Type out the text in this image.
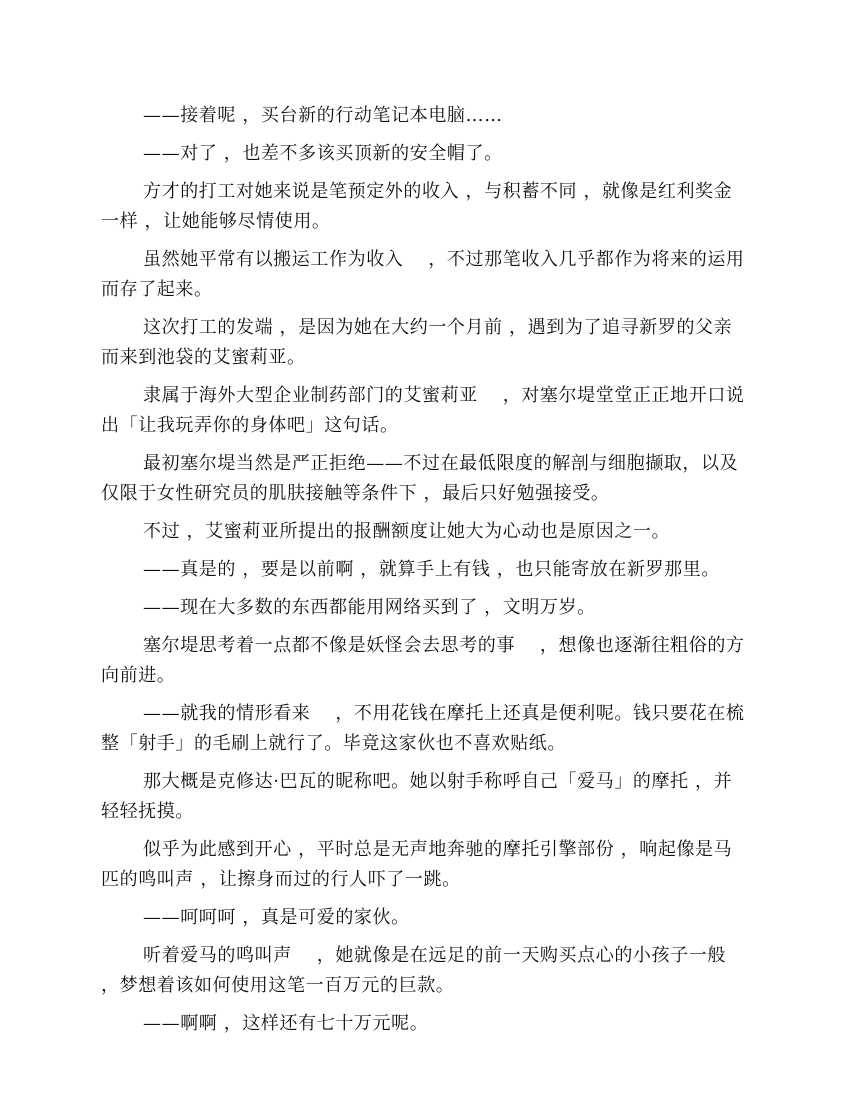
——接着呢 ，买台新的行动笔记本电脑……

——对了 ，也差不多该买顶新的安全帽了。

方才的打工对她来说是笔预定外的收入 ，与积蓄不同 ，就像是红利奖金一样 ，让她能够尽情使用。

虽然她平常有以搬运工作为收入　 ，不过那笔收入几乎都作为将来的运用而存了起来。

这次打工的发端 ，是因为她在大约一个月前 ，遇到为了追寻新罗的父亲而来到池袋的艾蜜莉亚。

隶属于海外大型企业制药部门的艾蜜莉亚　 ，对塞尔堤堂堂正正地开口说出「让我玩弄你的身体吧」这句话。

最初塞尔堤当然是严正拒绝——不过在最低限度的解剖与细胞撷取，以及仅限于女性研究员的肌肤接触等条件下 ，最后只好勉强接受。

不过 ，艾蜜莉亚所提出的报酬额度让她大为心动也是原因之一。

——真是的 ，要是以前啊 ，就算手上有钱 ，也只能寄放在新罗那里。

——现在大多数的东西都能用网络买到了 ，文明万岁。

塞尔堤思考着一点都不像是妖怪会去思考的事　 ，想像也逐渐往粗俗的方向前进。

——就我的情形看来　 ，不用花钱在摩托上还真是便利呢。钱只要花在梳整「射手」的毛刷上就行了。毕竟这家伙也不喜欢贴纸。

那大概是克修达·巴瓦的昵称吧。她以射手称呼自己「爱马」的摩托 ，并轻轻抚摸。

似乎为此感到开心 ，平时总是无声地奔驰的摩托引擎部份 ，响起像是马匹的鸣叫声 ，让擦身而过的行人吓了一跳。

——呵呵呵 ，真是可爱的家伙。

听着爱马的鸣叫声　 ，她就像是在远足的前一天购买点心的小孩子一般 ，梦想着该如何使用这笔一百万元的巨款。

——啊啊 ，这样还有七十万元呢。
